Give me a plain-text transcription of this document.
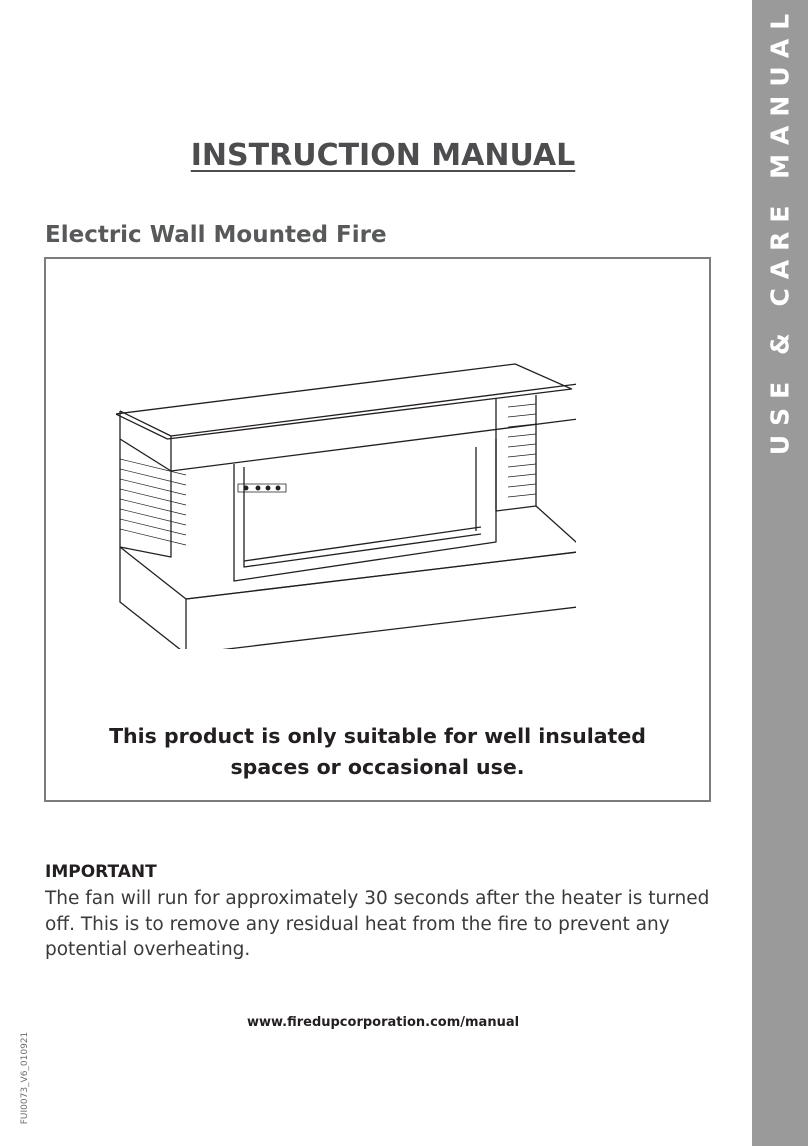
USE & CARE MANUAL
INSTRUCTION MANUAL
Electric Wall Mounted Fire
This product is only suitable for well insulated
spaces or occasional use.
IMPORTANT

The fan will run for approximately 30 seconds after the heater is turned off. This is to remove any residual heat from the fire to prevent any potential overheating.

www.firedupcorporation.com/manual
FUI0073_V6_010921
